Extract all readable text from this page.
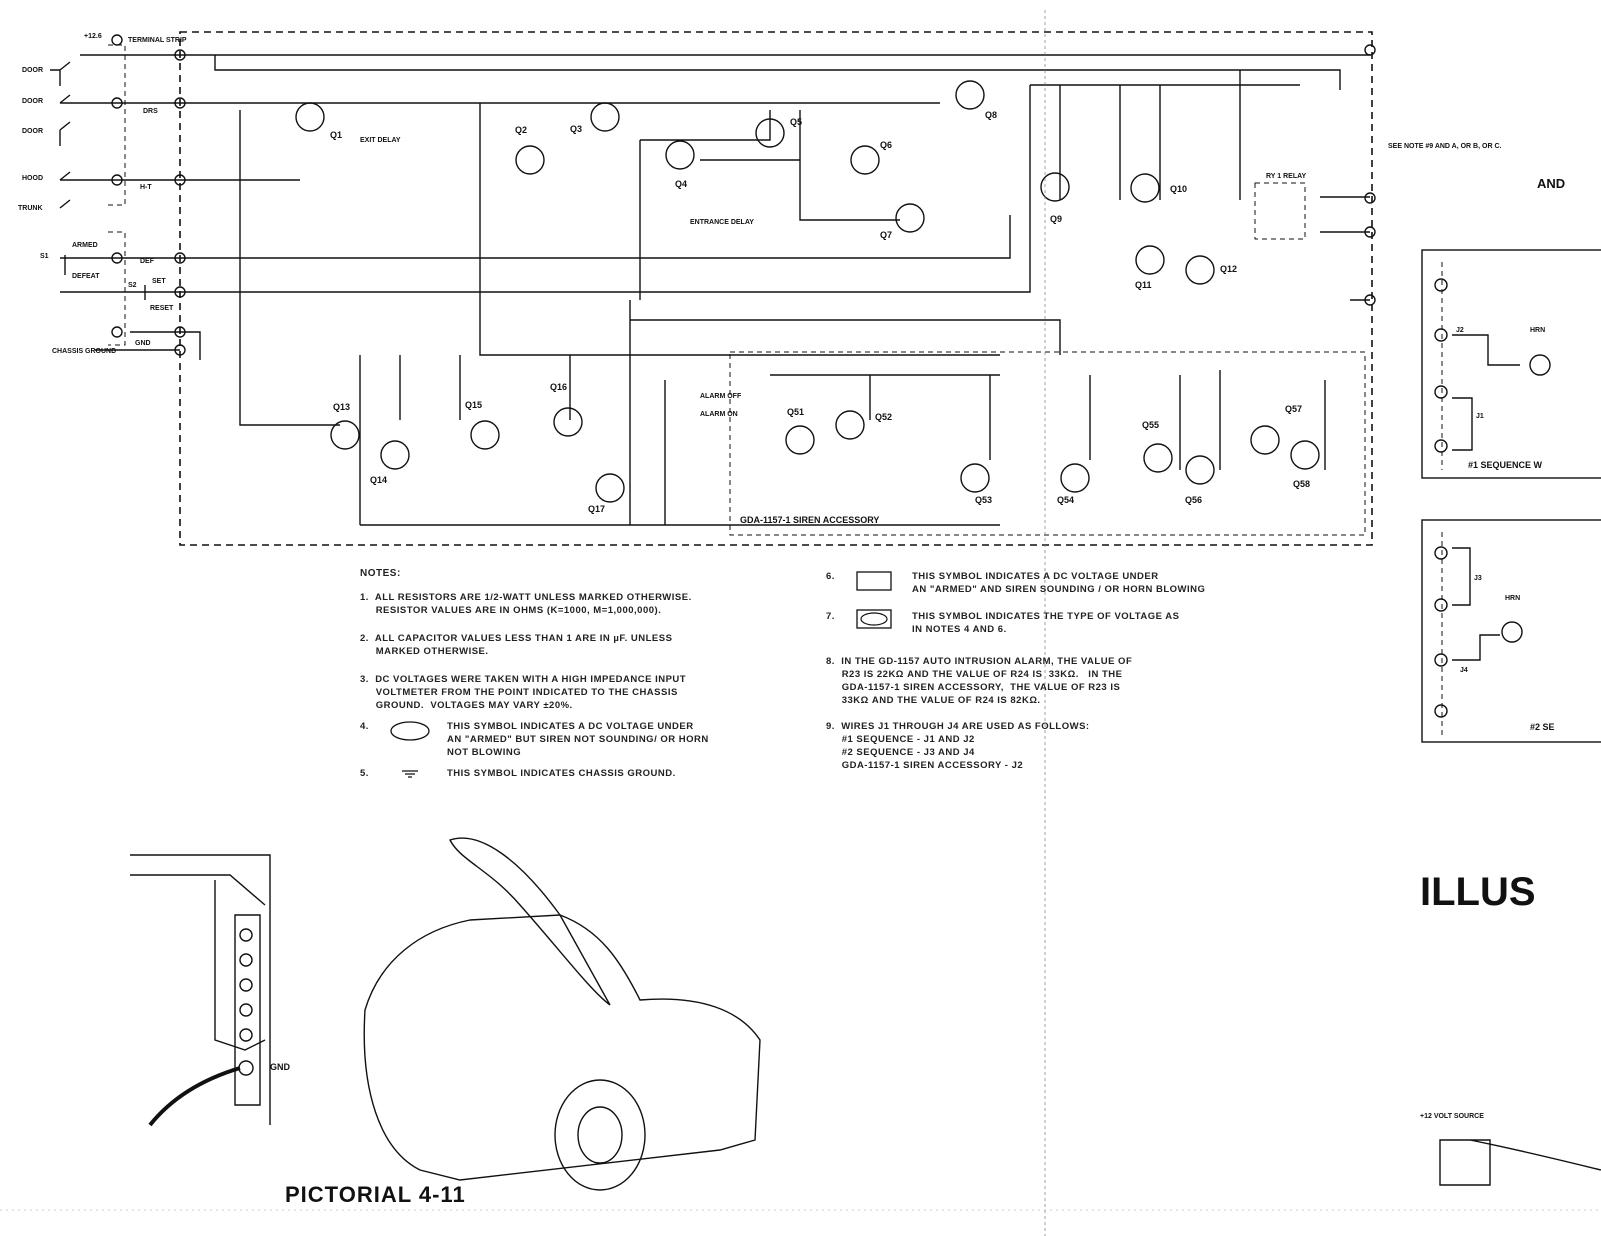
DOOR
DOOR
DOOR
HOOD
TRUNK
S1
ARMED
DEFEAT
S2
SET
RESET
CHASSIS GROUND
TERMINAL STRIP
+12.6
DRS
H-T
DEF
GND
Q1	Q2	Q3
Q4
Q5
Q6
Q7
Q8
Q9
Q10
Q11
Q12
Q13
Q14
Q15
Q16
Q17
Q51	Q52
Q53	Q54
Q55
Q56
Q57
Q58
EXIT DELAY
ENTRANCE DELAY
RY 1 RELAY
ALARM OFF
ALARM ON
GDA-1157-1 SIREN ACCESSORY
SEE NOTE #9 AND A, OR B, OR C.
AND
HRN
HRN
#1 SEQUENCE W
#2 SE
J2
J1
J3
J4
+12 VOLT SOURCE
GND
NOTES:
1.  ALL RESISTORS ARE 1/2-WATT UNLESS MARKED OTHERWISE.
RESISTOR VALUES ARE IN OHMS (K=1000, M=1,000,000).
2.  ALL CAPACITOR VALUES LESS THAN 1 ARE IN µF. UNLESS
MARKED OTHERWISE.
3.  DC VOLTAGES WERE TAKEN WITH A HIGH IMPEDANCE INPUT
VOLTMETER FROM THE POINT INDICATED TO THE CHASSIS
GROUND.  VOLTAGES MAY VARY ±20%.
4.	THIS SYMBOL INDICATES A DC VOLTAGE UNDER
AN "ARMED" BUT SIREN NOT SOUNDING/ OR HORN
NOT BLOWING
5.	THIS SYMBOL INDICATES CHASSIS GROUND.
6.	THIS SYMBOL INDICATES A DC VOLTAGE UNDER
AN "ARMED" AND SIREN SOUNDING / OR HORN BLOWING
7.	THIS SYMBOL INDICATES THE TYPE OF VOLTAGE AS
IN NOTES 4 AND 6.
8.  IN THE GD-1157 AUTO INTRUSION ALARM, THE VALUE OF
R23 IS 22KΩ AND THE VALUE OF R24 IS  33KΩ.   IN THE
GDA-1157-1 SIREN ACCESSORY,  THE VALUE OF R23 IS
33KΩ AND THE VALUE OF R24 IS 82KΩ.
9.  WIRES J1 THROUGH J4 ARE USED AS FOLLOWS:
#1 SEQUENCE - J1 AND J2
#2 SEQUENCE - J3 AND J4
GDA-1157-1 SIREN ACCESSORY - J2
ILLUS
PICTORIAL 4-11
